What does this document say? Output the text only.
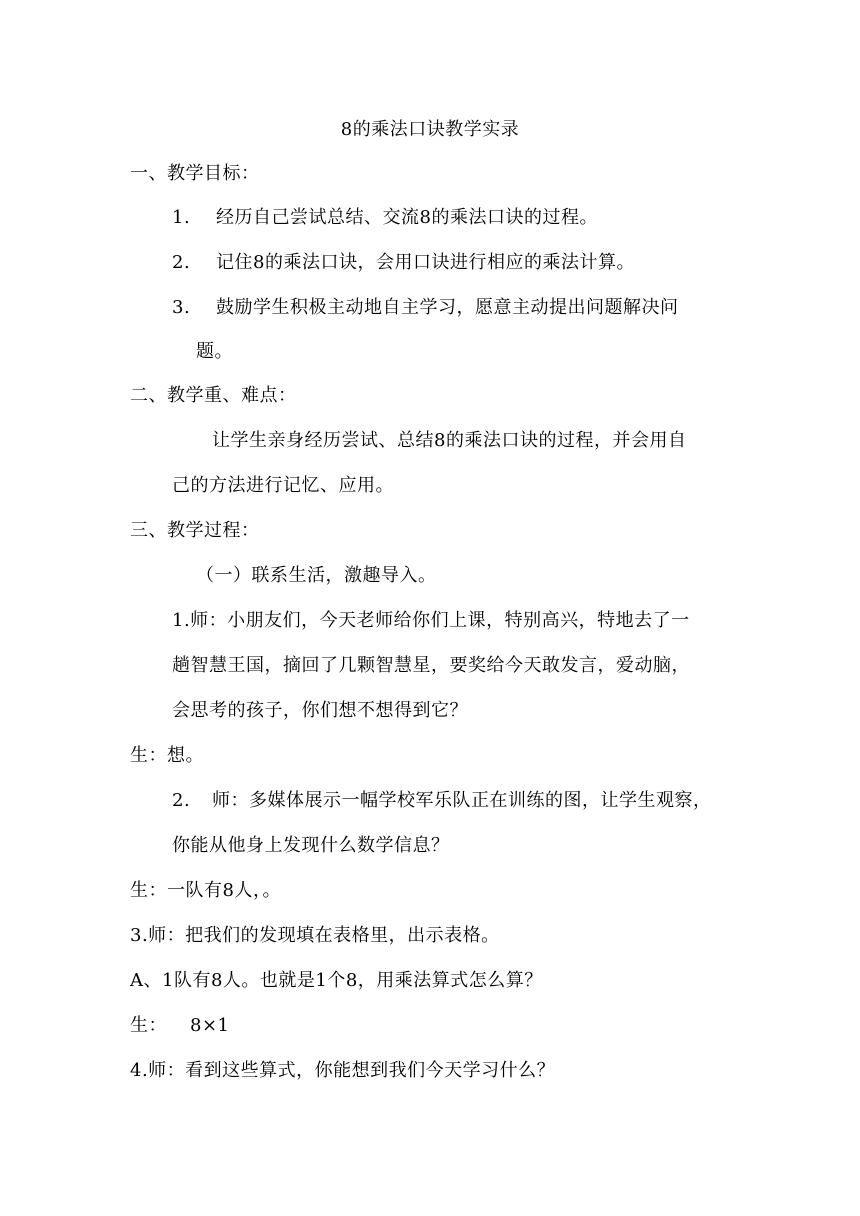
8的乘法口诀教学实录
一、教学目标：
1. 经历自己尝试总结、交流8的乘法口诀的过程。
2. 记住8的乘法口诀，会用口诀进行相应的乘法计算。
3. 鼓励学生积极主动地自主学习，愿意主动提出问题解决问
题。
二、教学重、难点：
让学生亲身经历尝试、总结8的乘法口诀的过程，并会用自
己的方法进行记忆、应用。
三、教学过程：
（一）联系生活，激趣导入。
1.师：小朋友们，今天老师给你们上课，特别高兴，特地去了一
趟智慧王国，摘回了几颗智慧星，要奖给今天敢发言，爱动脑，
会思考的孩子，你们想不想得到它？
生：想。
2. 师：多媒体展示一幅学校军乐队正在训练的图，让学生观察，
你能从他身上发现什么数学信息？
生：一队有8人，。
3.师：把我们的发现填在表格里，出示表格。
A、1队有8人。也就是1个8，用乘法算式怎么算？
生： 8×1
4.师：看到这些算式，你能想到我们今天学习什么？
